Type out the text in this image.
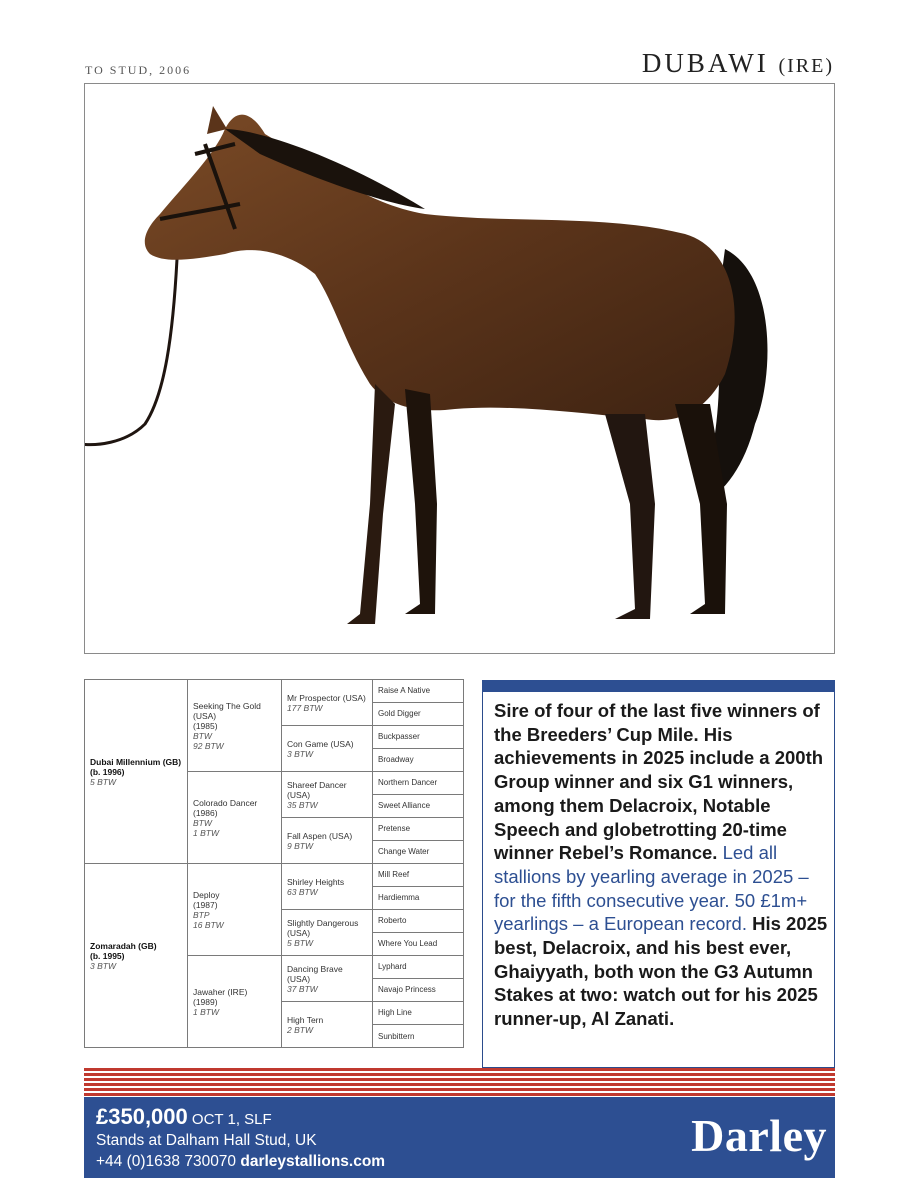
TO STUD, 2006	DUBAWI (IRE)
Dubai Millennium (GB)
(b. 1996)
5 BTW
Zomaradah (GB)
(b. 1995)
3 BTW
Seeking The Gold (USA)
(1985)
BTW
92 BTW
Colorado Dancer
(1986)
BTW
1 BTW
Deploy
(1987)
BTP
16 BTW
Jawaher (IRE)
(1989)
1 BTW
Mr Prospector (USA)
177 BTW
Con Game (USA)
3 BTW
Shareef Dancer (USA)
35 BTW
Fall Aspen (USA)
9 BTW
Shirley Heights
63 BTW
Slightly Dangerous (USA)
5 BTW
Dancing Brave (USA)
37 BTW
High Tern
2 BTW
Raise A Native
Gold Digger
Buckpasser
Broadway
Northern Dancer
Sweet Alliance
Pretense
Change Water
Mill Reef
Hardiemma
Roberto
Where You Lead
Lyphard
Navajo Princess
High Line
Sunbittern
Sire of four of the last five winners of the Breeders’ Cup Mile. His achievements in 2025 include a 200th Group winner and six G1 winners, among them Delacroix, Notable Speech and globetrotting 20-time winner Rebel’s Romance. Led all stallions by yearling average in 2025 – for the fifth consecutive year. 50 £1m+ yearlings – a European record. His 2025 best, Delacroix, and his best ever, Ghaiyyath, both won the G3 Autumn Stakes at two: watch out for his 2025 runner-up, Al Zanati.
£350,000 OCT 1, SLF
Stands at Dalham Hall Stud, UK
+44 (0)1638 730070 darleystallions.com
Darley
